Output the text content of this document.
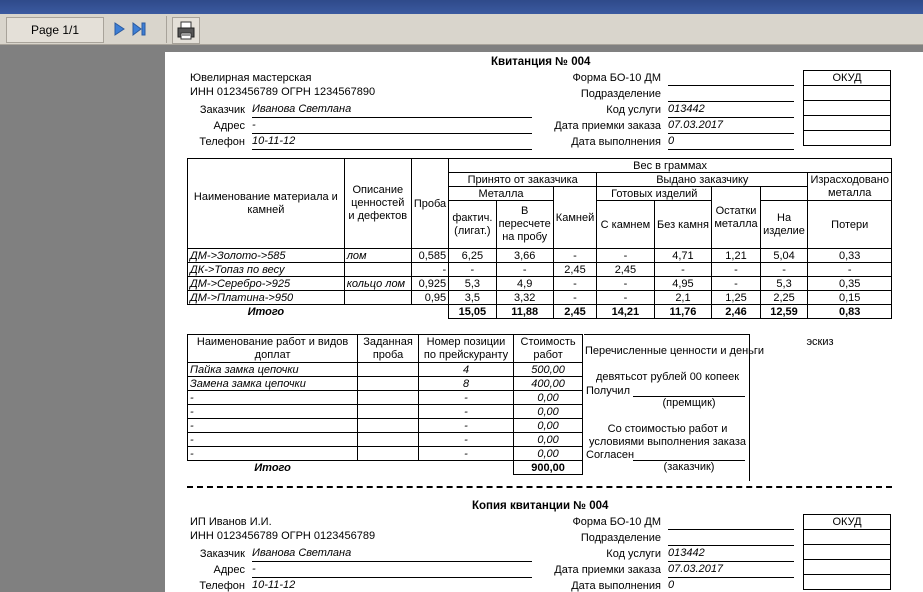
Page 1/1
Квитанция № 004
Ювелирная мастерская
ИНН 0123456789 ОГРН 1234567890
Заказчик Иванова Светлана
Адрес -
Телефон 10-11-12
Форма БО-10 ДМ
Подразделение
Код услуги 013442
Дата приемки заказа 07.03.2017
Дата выполнения 0
ОКУД

Наименование материала и камней	Описание ценностей и дефектов	Проба	Вес в граммах							
			Принято от заказчика			Выдано заказчику				Израсходовано металла
			Металла		Камней	Готовых изделий		Остатки металла		
			фактич. (лигат.)	В пересчете на пробу		С камнем	Без камня		На изделие	Потери
ДМ->Золото->585	лом	0,585	6,25	3,66	-	-	4,71	1,21	5,04	0,33
ДК->Топаз по весу		-	-	-	2,45	2,45	-	-	-	-
ДМ->Серебро->925	кольцо лом	0,925	5,3	4,9	-	-	4,95	-	5,3	0,35
ДМ->Платина->950		0,95	3,5	3,32	-	-	2,1	1,25	2,25	0,15
Итого			15,05	11,88	2,45	14,21	11,76	2,46	12,59	0,83
Наименование работ и видов доплат	Заданная проба	Номер позиции по прейскуранту	Стоимость работ
Пайка замка цепочки		4	500,00
Замена замка цепочки		8	400,00
-		-	0,00
-		-	0,00
-		-	0,00
-		-	0,00
-		-	0,00
Итого			900,00
Перечисленные ценности и деньги
девятьсот рублей 00 копеек
Получил
(премщик)
Со стоимостью работ и условиями выполнения заказа
Согласен
(заказчик)
эскиз
Копия квитанции № 004
ИП Иванов И.И.
ИНН 0123456789 ОГРН 0123456789
Заказчик Иванова Светлана
Адрес -
Телефон 10-11-12
Форма БО-10 ДМ
Подразделение
Код услуги 013442
Дата приемки заказа 07.03.2017
Дата выполнения 0
ОКУД
